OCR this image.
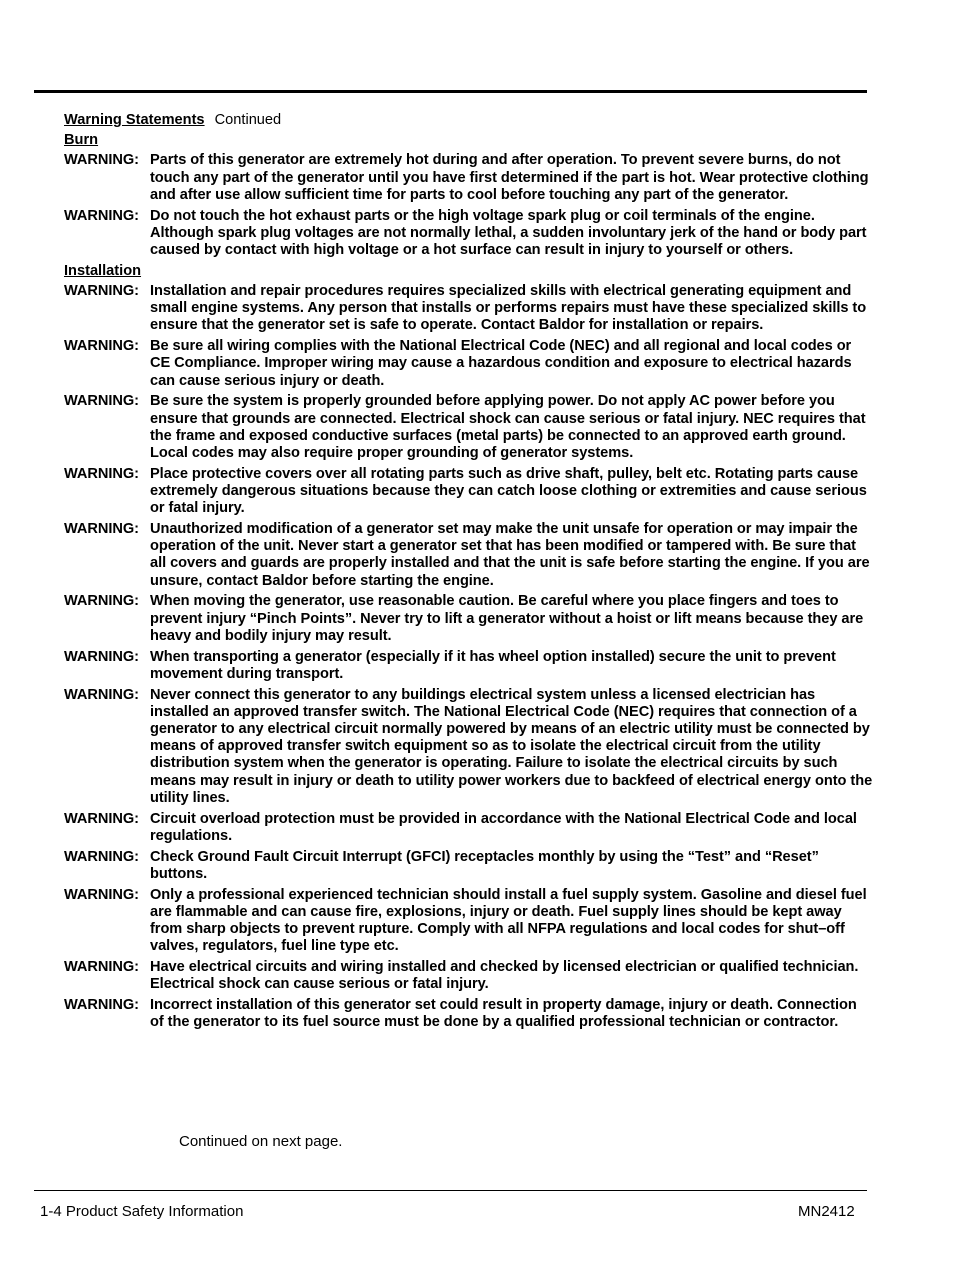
Warning Statements Continued
Burn
WARNING: Parts of this generator are extremely hot during and after operation. To prevent severe burns, do not touch any part of the generator until you have first determined if the part is hot. Wear protective clothing and after use allow sufficient time for parts to cool before touching any part of the generator.
WARNING: Do not touch the hot exhaust parts or the high voltage spark plug or coil terminals of the engine. Although spark plug voltages are not normally lethal, a sudden involuntary jerk of the hand or body part caused by contact with high voltage or a hot surface can result in injury to yourself or others.
Installation
WARNING: Installation and repair procedures requires specialized skills with electrical generating equipment and small engine systems. Any person that installs or performs repairs must have these specialized skills to ensure that the generator set is safe to operate. Contact Baldor for installation or repairs.
WARNING: Be sure all wiring complies with the National Electrical Code (NEC) and all regional and local codes or CE Compliance. Improper wiring may cause a hazardous condition and exposure to electrical hazards can cause serious injury or death.
WARNING: Be sure the system is properly grounded before applying power. Do not apply AC power before you ensure that grounds are connected. Electrical shock can cause serious or fatal injury. NEC requires that the frame and exposed conductive surfaces (metal parts) be connected to an approved earth ground. Local codes may also require proper grounding of generator systems.
WARNING: Place protective covers over all rotating parts such as drive shaft, pulley, belt etc. Rotating parts cause extremely dangerous situations because they can catch loose clothing or extremities and cause serious or fatal injury.
WARNING: Unauthorized modification of a generator set may make the unit unsafe for operation or may impair the operation of the unit. Never start a generator set that has been modified or tampered with. Be sure that all covers and guards are properly installed and that the unit is safe before starting the engine. If you are unsure, contact Baldor before starting the engine.
WARNING: When moving the generator, use reasonable caution. Be careful where you place fingers and toes to prevent injury “Pinch Points”. Never try to lift a generator without a hoist or lift means because they are heavy and bodily injury may result.
WARNING: When transporting a generator (especially if it has wheel option installed) secure the unit to prevent movement during transport.
WARNING: Never connect this generator to any buildings electrical system unless a licensed electrician has installed an approved transfer switch. The National Electrical Code (NEC) requires that connection of a generator to any electrical circuit normally powered by means of an electric utility must be connected by means of approved transfer switch equipment so as to isolate the electrical circuit from the utility distribution system when the generator is operating. Failure to isolate the electrical circuits by such means may result in injury or death to utility power workers due to backfeed of electrical energy onto the utility lines.
WARNING: Circuit overload protection must be provided in accordance with the National Electrical Code and local regulations.
WARNING: Check Ground Fault Circuit Interrupt (GFCI) receptacles monthly by using the “Test” and “Reset” buttons.
WARNING: Only a professional experienced technician should install a fuel supply system. Gasoline and diesel fuel are flammable and can cause fire, explosions, injury or death. Fuel supply lines should be kept away from sharp objects to prevent rupture. Comply with all NFPA regulations and local codes for shut–off valves, regulators, fuel line type etc.
WARNING: Have electrical circuits and wiring installed and checked by licensed electrician or qualified technician. Electrical shock can cause serious or fatal injury.
WARNING: Incorrect installation of this generator set could result in property damage, injury or death. Connection of the generator to its fuel source must be done by a qualified professional technician or contractor.
Continued on next page.
1-4 Product Safety Information	MN2412
